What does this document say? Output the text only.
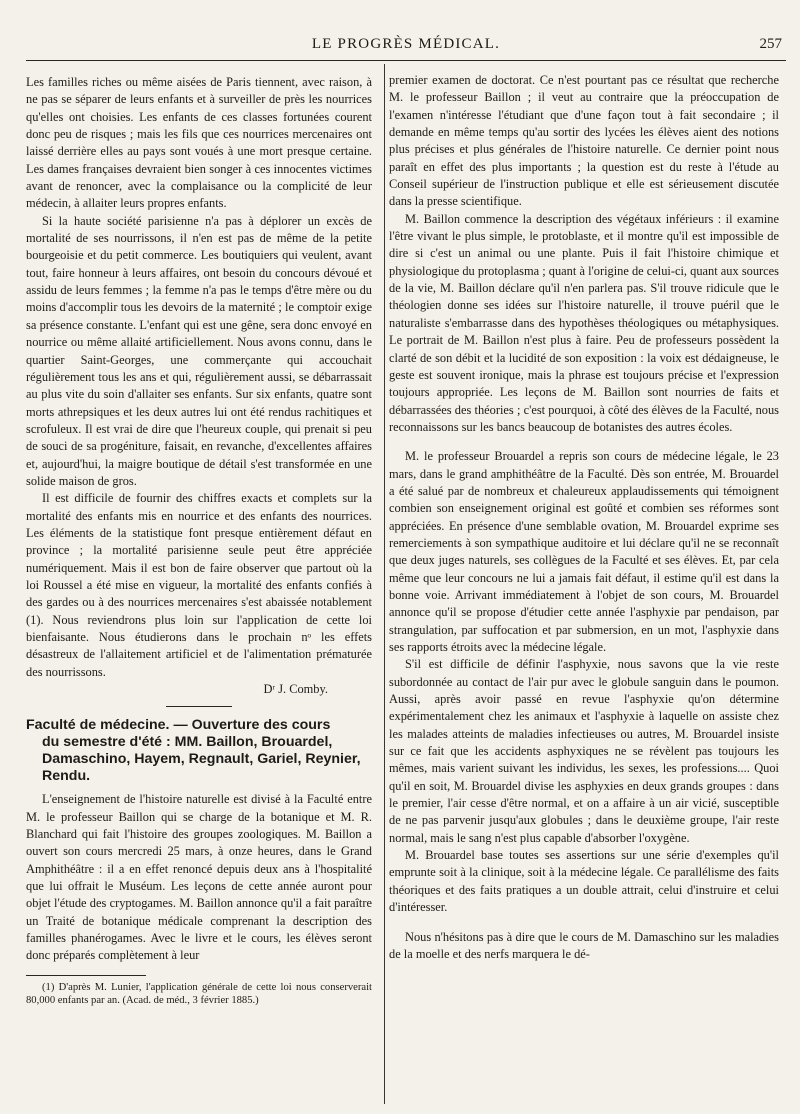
LE PROGRÈS MÉDICAL.	257

Les familles riches ou même aisées de Paris tiennent, avec raison, à ne pas se séparer de leurs enfants et à surveiller de près les nourrices qu'elles ont choisies. Les enfants de ces classes fortunées courent donc peu de risques ; mais les fils que ces nourrices mercenaires ont laissé derrière elles au pays sont voués à une mort presque certaine. Les dames françaises devraient bien songer à ces innocentes victimes avant de renoncer, avec la complaisance ou la complicité de leur médecin, à allaiter leurs propres enfants.

Si la haute société parisienne n'a pas à déplorer un excès de mortalité de ses nourrissons, il n'en est pas de même de la petite bourgeoisie et du petit commerce. Les boutiquiers qui veulent, avant tout, faire honneur à leurs affaires, ont besoin du concours dévoué et assidu de leurs femmes ; la femme n'a pas le temps d'être mère ou du moins d'accomplir tous les devoirs de la maternité ; le comptoir exige sa présence constante. L'enfant qui est une gêne, sera donc envoyé en nourrice ou même allaité artificiellement. Nous avons connu, dans le quartier Saint-Georges, une commerçante qui accouchait régulièrement tous les ans et qui, régulièrement aussi, se débarrassait au plus vite du soin d'allaiter ses enfants. Sur six enfants, quatre sont morts athrepsiques et les deux autres lui ont été rendus rachitiques et scrofuleux. Il est vrai de dire que l'heureux couple, qui prenait si peu de souci de sa progéniture, faisait, en revanche, d'excellentes affaires et, aujourd'hui, la maigre boutique de détail s'est transformée en une solide maison de gros.

Il est difficile de fournir des chiffres exacts et complets sur la mortalité des enfants mis en nourrice et des enfants des nourrices. Les éléments de la statistique font presque entièrement défaut en province ; la mortalité parisienne seule peut être appréciée numériquement. Mais il est bon de faire observer que partout où la loi Roussel a été mise en vigueur, la mortalité des enfants confiés à des gardes ou à des nourrices mercenaires s'est abaissée notablement (1). Nous reviendrons plus loin sur l'application de cette loi bienfaisante. Nous étudierons dans le prochain nᵒ les effets désastreux de l'allaitement artificiel et de l'alimentation prématurée des nourrissons.

Dʳ J. Comby.

Faculté de médecine. — Ouverture des cours
du semestre d'été : MM. Baillon, Brouardel,
Damaschino, Hayem, Regnault, Gariel, Reynier, Rendu.

L'enseignement de l'histoire naturelle est divisé à la Faculté entre M. le professeur Baillon qui se charge de la botanique et M. R. Blanchard qui fait l'histoire des groupes zoologiques. M. Baillon a ouvert son cours mercredi 25 mars, à onze heures, dans le Grand Amphithéâtre : il a en effet renoncé depuis deux ans à l'hospitalité que lui offrait le Muséum. Les leçons de cette année auront pour objet l'étude des cryptogames. M. Baillon annonce qu'il a fait paraître un Traité de botanique médicale comprenant la description des familles phanérogames. Avec le livre et le cours, les élèves seront donc préparés complètement à leur

(1) D'après M. Lunier, l'application générale de cette loi nous conserverait 80,000 enfants par an. (Acad. de méd., 3 février 1885.)

premier examen de doctorat. Ce n'est pourtant pas ce résultat que recherche M. le professeur Baillon ; il veut au contraire que la préoccupation de l'examen n'intéresse l'étudiant que d'une façon tout à fait secondaire ; il demande en même temps qu'au sortir des lycées les élèves aient des notions plus précises et plus générales de l'histoire naturelle. Ce dernier point nous paraît en effet des plus importants ; la question est du reste à l'étude au Conseil supérieur de l'instruction publique et elle est sérieusement discutée dans la presse scientifique.

M. Baillon commence la description des végétaux inférieurs : il examine l'être vivant le plus simple, le protoblaste, et il montre qu'il est impossible de dire si c'est un animal ou une plante. Puis il fait l'histoire chimique et physiologique du protoplasma ; quant à l'origine de celui-ci, quant aux sources de la vie, M. Baillon déclare qu'il n'en parlera pas. S'il trouve ridicule que le théologien donne ses idées sur l'histoire naturelle, il trouve puéril que le naturaliste s'embarrasse dans des hypothèses théologiques ou métaphysiques. Le portrait de M. Baillon n'est plus à faire. Peu de professeurs possèdent la clarté de son débit et la lucidité de son exposition : la voix est dédaigneuse, le geste est souvent ironique, mais la phrase est toujours précise et l'expression toujours appropriée. Les leçons de M. Baillon sont nourries de faits et débarrassées des théories ; c'est pourquoi, à côté des élèves de la Faculté, nous reconnaissons sur les bancs beaucoup de botanistes des autres écoles.

M. le professeur Brouardel a repris son cours de médecine légale, le 23 mars, dans le grand amphithéâtre de la Faculté. Dès son entrée, M. Brouardel a été salué par de nombreux et chaleureux applaudissements qui témoignent combien son enseignement original est goûté et combien ses réformes sont appréciées. En présence d'une semblable ovation, M. Brouardel exprime ses remerciements à son sympathique auditoire et lui déclare qu'il ne se reconnaît que deux juges naturels, ses collègues de la Faculté et ses élèves. Et, par cela même que leur concours ne lui a jamais fait défaut, il estime qu'il est dans la bonne voie. Arrivant immédiatement à l'objet de son cours, M. Brouardel annonce qu'il se propose d'étudier cette année l'asphyxie par pendaison, par strangulation, par suffocation et par submersion, en un mot, l'asphyxie dans ses rapports étroits avec la médecine légale.

S'il est difficile de définir l'asphyxie, nous savons que la vie reste subordonnée au contact de l'air pur avec le globule sanguin dans le poumon. Aussi, après avoir passé en revue l'asphyxie qu'on détermine expérimentalement chez les animaux et l'asphyxie à laquelle on assiste chez les malades atteints de maladies infectieuses ou autres, M. Brouardel insiste sur ce fait que les accidents asphyxiques ne se révèlent pas toujours les mêmes, mais varient suivant les individus, les sexes, les professions.... Quoi qu'il en soit, M. Brouardel divise les asphyxies en deux grands groupes : dans le premier, l'air cesse d'être normal, et on a affaire à un air vicié, susceptible de ne pas parvenir jusqu'aux globules ; dans le deuxième groupe, l'air reste normal, mais le sang n'est plus capable d'absorber l'oxygène.

M. Brouardel base toutes ses assertions sur une série d'exemples qu'il emprunte soit à la clinique, soit à la médecine légale. Ce parallélisme des faits théoriques et des faits pratiques a un double attrait, celui d'instruire et celui d'intéresser.

Nous n'hésitons pas à dire que le cours de M. Damaschino sur les maladies de la moelle et des nerfs marquera le dé-
